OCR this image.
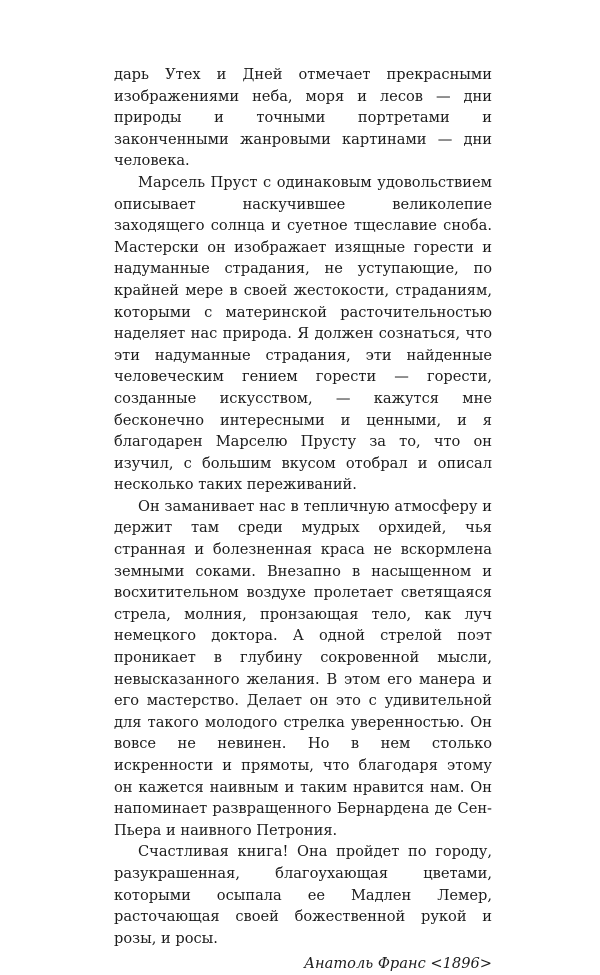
дарь Утех и Дней отмечает прекрасными изображениями неба, моря и лесов — дни природы и точными портретами и законченными жанровыми картинами — дни человека.

Марсель Пруст с одинаковым удовольствием описывает наскучившее великолепие заходящего солнца и суетное тщеславие сноба. Мастерски он изображает изящные горести и надуманные страдания, не уступающие, по крайней мере в своей жестокости, страданиям, которыми с материнской расточительностью наделяет нас природа. Я должен сознаться, что эти надуманные страдания, эти найденные человеческим гением горести — горести, созданные искусством, — кажутся мне бесконечно интересными и ценными, и я благодарен Марселю Прусту за то, что он изучил, с большим вкусом отобрал и описал несколько таких переживаний.

Он заманивает нас в тепличную атмосферу и держит там среди мудрых орхидей, чья странная и болезненная краса не вскормлена земными соками. Внезапно в насыщенном и восхитительном воздухе пролетает светящаяся стрела, молния, пронзающая тело, как луч немецкого доктора. А одной стрелой поэт проникает в глубину сокровенной мысли, невысказанного желания. В этом его манера и его мастерство. Делает он это с удивительной для такого молодого стрелка уверенностью. Он вовсе не невинен. Но в нем столько искренности и прямоты, что благодаря этому он кажется наивным и таким нравится нам. Он напоминает развращенного Бернардена де Сен-Пьера и наивного Петрония.

Счастливая книга! Она пройдет по городу, разукрашенная, благоухающая цветами, которыми осыпала ее Мадлен Лемер, расточающая своей божественной рукой и розы, и росы.

Анатоль Франс <1896>
